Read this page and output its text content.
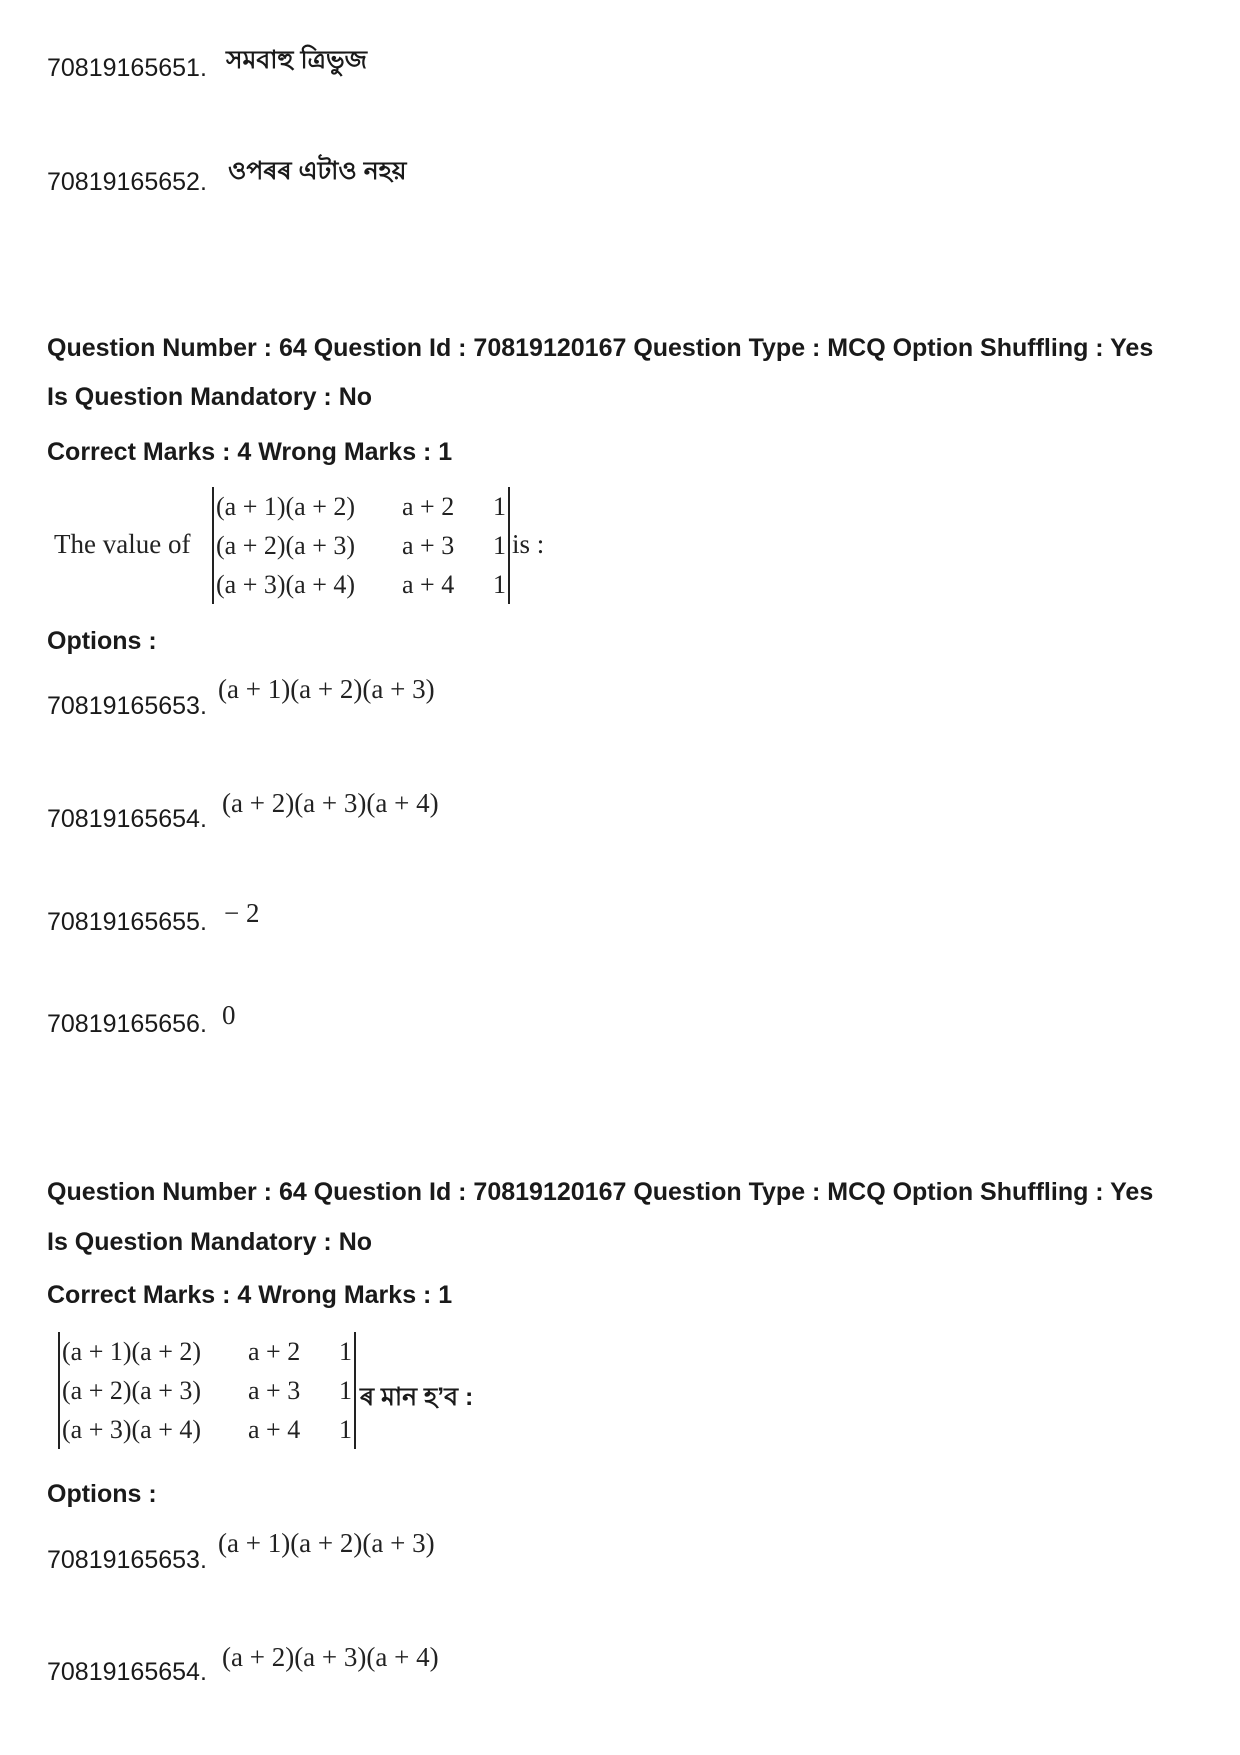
70819165651. সমবাহু ত্রিভুজ
70819165652. ওপৰৰ এটাও নহয়
Question Number : 64 Question Id : 70819120167 Question Type : MCQ Option Shuffling : Yes
Is Question Mandatory : No
Correct Marks : 4 Wrong Marks : 1
The value of
(a + 1)(a + 2)	a + 2	1
(a + 2)(a + 3)	a + 3	1
(a + 3)(a + 4)	a + 4	1
is :
Options :
70819165653.
(a + 1)(a + 2)(a + 3)
70819165654.
(a + 2)(a + 3)(a + 4)
70819165655. − 2
70819165656. 0
Question Number : 64 Question Id : 70819120167 Question Type : MCQ Option Shuffling : Yes
Is Question Mandatory : No
Correct Marks : 4 Wrong Marks : 1
(a + 1)(a + 2)	a + 2	1
(a + 2)(a + 3)	a + 3	1
(a + 3)(a + 4)	a + 4	1
ৰ মান হ’ব :
Options :
70819165653.
(a + 1)(a + 2)(a + 3)
70819165654. (a + 2)(a + 3)(a + 4)
